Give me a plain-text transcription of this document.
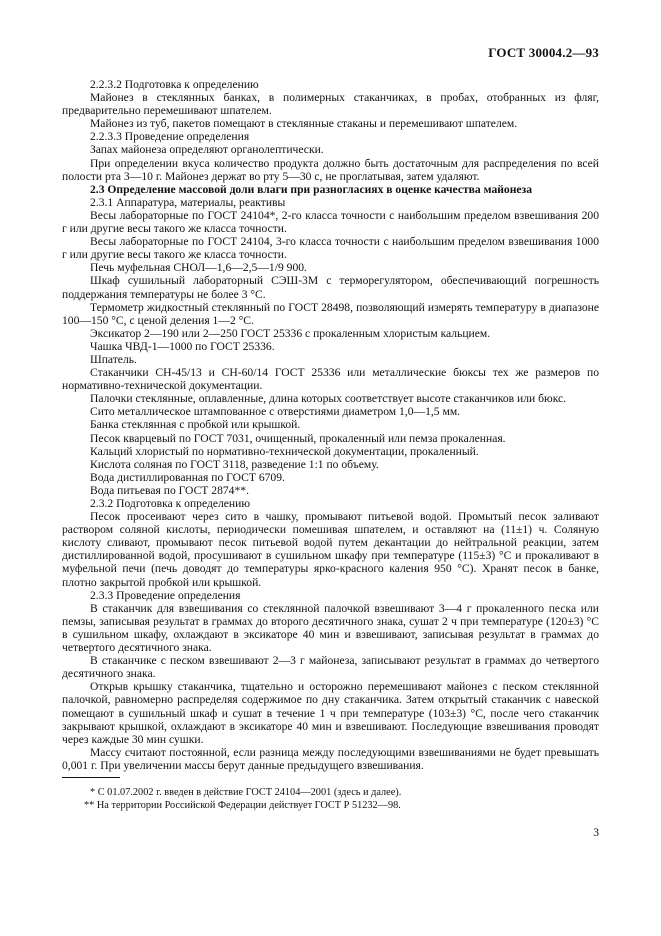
ГОСТ 30004.2—93

2.2.3.2 Подготовка к определению

Майонез в стеклянных банках, в полимерных стаканчиках, в пробах, отобранных из фляг, предварительно перемешивают шпателем.

Майонез из туб, пакетов помещают в стеклянные стаканы и перемешивают шпателем.

2.2.3.3 Проведение определения

Запах майонеза определяют органолептически.

При определении вкуса количество продукта должно быть достаточным для распределения по всей полости рта 3—10 г. Майонез держат во рту 5—30 с, не проглатывая, затем удаляют.

2.3 Определение массовой доли влаги при разногласиях в оценке качества майонеза

2.3.1 Аппаратура, материалы, реактивы

Весы лабораторные по ГОСТ 24104*, 2-го класса точности с наибольшим пределом взвешивания 200 г или другие весы такого же класса точности.

Весы лабораторные по ГОСТ 24104, 3-го класса точности с наибольшим пределом взвешивания 1000 г или другие весы такого же класса точности.

Печь муфельная СНОЛ—1,6—2,5—1/9 900.

Шкаф сушильный лабораторный СЭШ-3М с терморегулятором, обеспечивающий погрешность поддержания температуры не более 3 °С.

Термометр жидкостный стеклянный по ГОСТ 28498, позволяющий измерять температуру в диапазоне 100—150 °С, с ценой деления 1—2 °С.

Эксикатор 2—190 или 2—250 ГОСТ 25336 с прокаленным хлористым кальцием.

Чашка ЧВД-1—1000 по ГОСТ 25336.

Шпатель.

Стаканчики СН-45/13 и СН-60/14 ГОСТ 25336 или металлические бюксы тех же размеров по нормативно-технической документации.

Палочки стеклянные, оплавленные, длина которых соответствует высоте стаканчиков или бюкс.

Сито металлическое штампованное с отверстиями диаметром 1,0—1,5 мм.

Банка стеклянная с пробкой или крышкой.

Песок кварцевый по ГОСТ 7031, очищенный, прокаленный или пемза прокаленная.

Кальций хлористый по нормативно-технической документации, прокаленный.

Кислота соляная по ГОСТ 3118, разведение 1:1 по объему.

Вода дистиллированная по ГОСТ 6709.

Вода питьевая по ГОСТ 2874**.

2.3.2 Подготовка к определению

Песок просеивают через сито в чашку, промывают питьевой водой. Промытый песок заливают раствором соляной кислоты, периодически помешивая шпателем, и оставляют на (11±1) ч. Соляную кислоту сливают, промывают песок питьевой водой путем декантации до нейтральной реакции, затем дистиллированной водой, просушивают в сушильном шкафу при температуре (115±3) °С и прокаливают в муфельной печи (печь доводят до температуры ярко-красного каления 950 °С). Хранят песок в банке, плотно закрытой пробкой или крышкой.

2.3.3 Проведение определения

В стаканчик для взвешивания со стеклянной палочкой взвешивают 3—4 г прокаленного песка или пемзы, записывая результат в граммах до второго десятичного знака, сушат 2 ч при температуре (120±3) °С в сушильном шкафу, охлаждают в эксикаторе 40 мин и взвешивают, записывая результат в граммах до четвертого десятичного знака.

В стаканчике с песком взвешивают 2—3 г майонеза, записывают результат в граммах до четвертого десятичного знака.

Открыв крышку стаканчика, тщательно и осторожно перемешивают майонез с песком стеклянной палочкой, равномерно распределяя содержимое по дну стаканчика. Затем открытый стаканчик с навеской помещают в сушильный шкаф и сушат в течение 1 ч при температуре (103±3) °С, после чего стаканчик закрывают крышкой, охлаждают в эксикаторе 40 мин и взвешивают. Последующие взвешивания проводят через каждые 30 мин сушки.

Массу считают постоянной, если разница между последующими взвешиваниями не будет превышать 0,001 г. При увеличении массы берут данные предыдущего взвешивания.

* С 01.07.2002 г. введен в действие ГОСТ 24104—2001 (здесь и далее).

** На территории Российской Федерации действует ГОСТ Р 51232—98.

3
